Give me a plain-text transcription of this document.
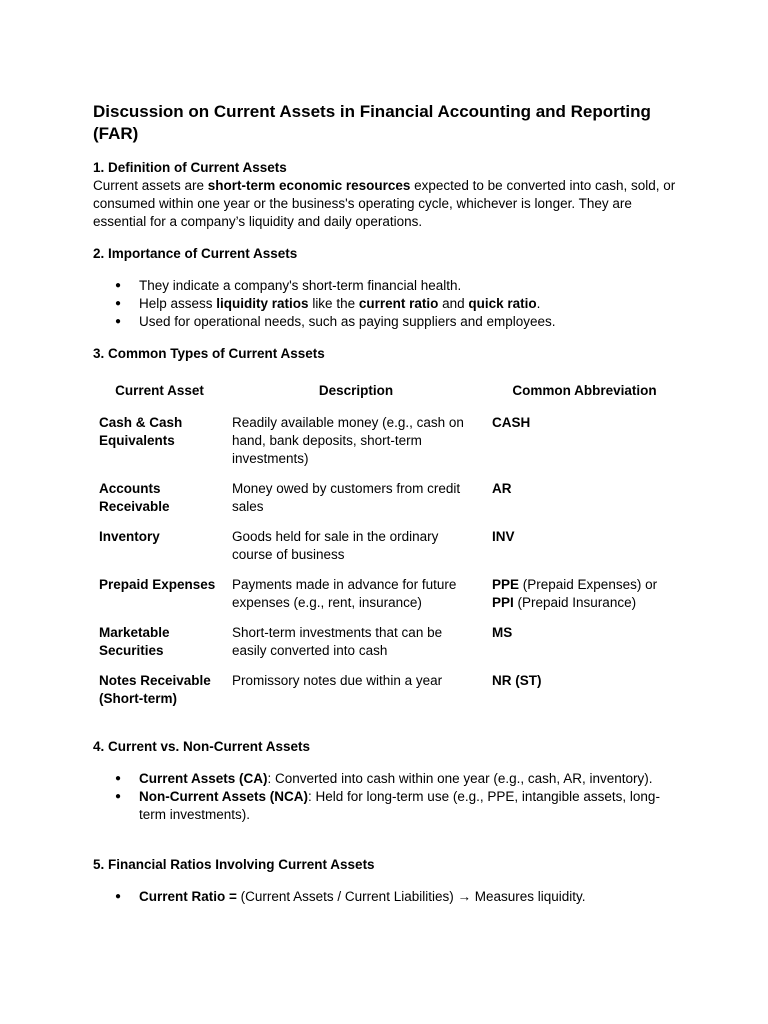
Discussion on Current Assets in Financial Accounting and Reporting (FAR)
1. Definition of Current Assets
Current assets are short-term economic resources expected to be converted into cash, sold, or consumed within one year or the business's operating cycle, whichever is longer. They are essential for a company’s liquidity and daily operations.
2. Importance of Current Assets
● They indicate a company's short-term financial health.
● Help assess liquidity ratios like the current ratio and quick ratio.
● Used for operational needs, such as paying suppliers and employees.
3. Common Types of Current Assets
Current Asset	Description	Common Abbreviation
Cash & Cash Equivalents	Readily available money (e.g., cash on hand, bank deposits, short-term investments)	CASH
Accounts Receivable	Money owed by customers from credit sales	AR
Inventory	Goods held for sale in the ordinary course of business	INV
Prepaid Expenses	Payments made in advance for future expenses (e.g., rent, insurance)	PPE (Prepaid Expenses) or PPI (Prepaid Insurance)
Marketable Securities	Short-term investments that can be easily converted into cash	MS
Notes Receivable (Short-term)	Promissory notes due within a year	NR (ST)
4. Current vs. Non-Current Assets
● Current Assets (CA): Converted into cash within one year (e.g., cash, AR, inventory).
● Non-Current Assets (NCA): Held for long-term use (e.g., PPE, intangible assets, long-term investments).
5. Financial Ratios Involving Current Assets
● Current Ratio = (Current Assets / Current Liabilities) → Measures liquidity.
